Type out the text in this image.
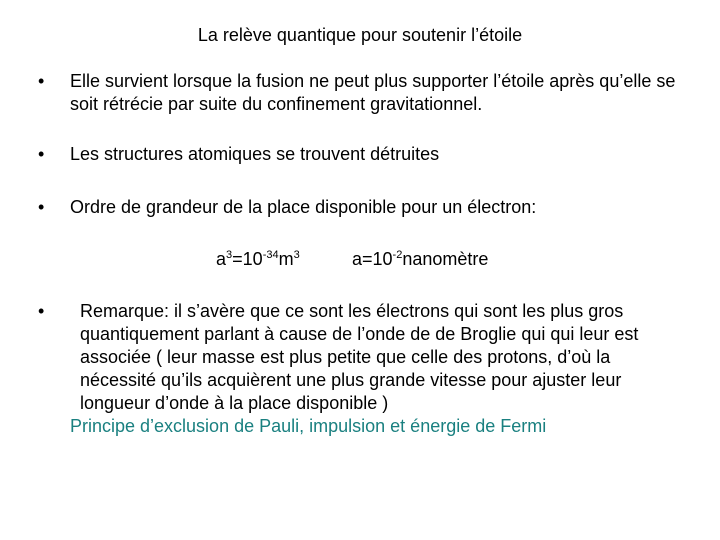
La relève quantique pour soutenir l’étoile
•	Elle survient lorsque la fusion ne peut plus supporter l’étoile après qu’elle se soit rétrécie par suite du confinement gravitationnel.
•	Les structures atomiques se trouvent détruites
•	Ordre de grandeur de la place disponible pour un électron:
$a^3=10^{-34}m^3$	$a=10^{-2}nanomètre$
•	Remarque: il s’avère que ce sont les électrons qui sont les plus gros quantiquement parlant à cause de l’onde de de Broglie qui qui leur est associée ( leur masse est plus petite que celle des protons, d’où la nécessité qu’ils acquièrent une plus grande vitesse pour ajuster leur longueur d’onde à la place disponible )
Principe d’exclusion de Pauli, impulsion et énergie de Fermi
